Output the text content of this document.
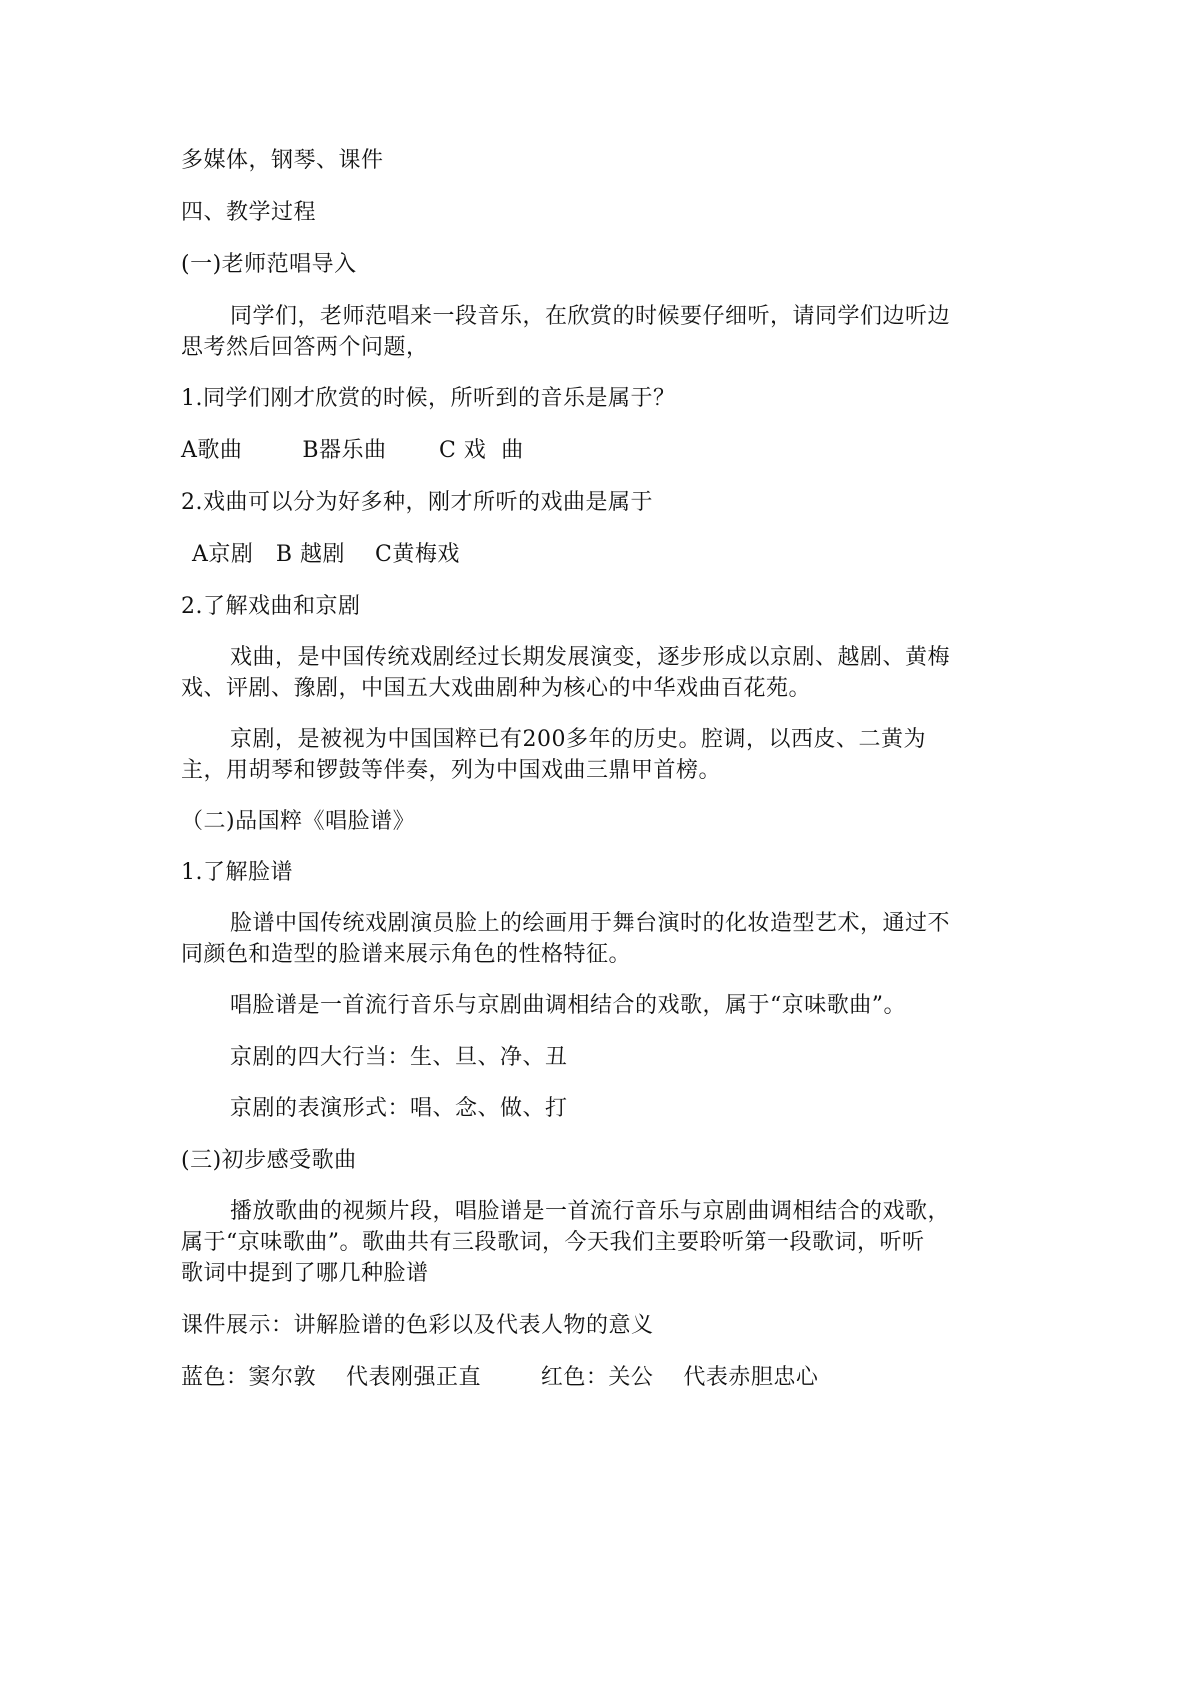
多媒体，钢琴、课件
四、教学过程
(一)老师范唱导入
同学们，老师范唱来一段音乐，在欣赏的时候要仔细听，请同学们边听边
思考然后回答两个问题，
1.同学们刚才欣赏的时候，所听到的音乐是属于？
A歌曲        B器乐曲       C 戏  曲
2.戏曲可以分为好多种，刚才所听的戏曲是属于
A京剧   B 越剧    C黄梅戏
2.了解戏曲和京剧
戏曲，是中国传统戏剧经过长期发展演变，逐步形成以京剧、越剧、黄梅
戏、评剧、豫剧，中国五大戏曲剧种为核心的中华戏曲百花苑。
京剧，是被视为中国国粹已有200多年的历史。腔调，以西皮、二黄为
主，用胡琴和锣鼓等伴奏，列为中国戏曲三鼎甲首榜。
（二)品国粹《唱脸谱》
1.了解脸谱
脸谱中国传统戏剧演员脸上的绘画用于舞台演时的化妆造型艺术，通过不
同颜色和造型的脸谱来展示角色的性格特征。
唱脸谱是一首流行音乐与京剧曲调相结合的戏歌，属于“京味歌曲”。
京剧的四大行当：生、旦、净、丑
京剧的表演形式：唱、念、做、打
(三)初步感受歌曲
播放歌曲的视频片段，唱脸谱是一首流行音乐与京剧曲调相结合的戏歌，
属于“京味歌曲”。歌曲共有三段歌词，今天我们主要聆听第一段歌词，听听
歌词中提到了哪几种脸谱
课件展示：讲解脸谱的色彩以及代表人物的意义
蓝色：窦尔敦    代表刚强正直        红色：关公    代表赤胆忠心
